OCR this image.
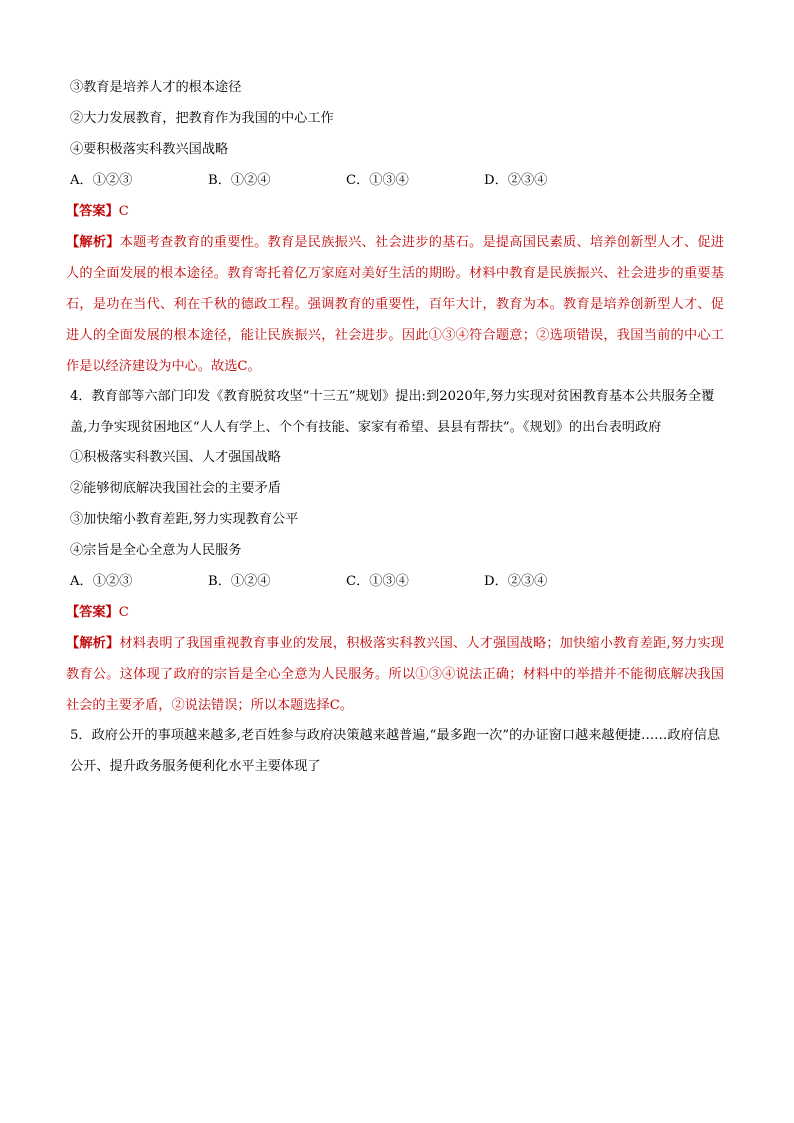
③教育是培养人才的根本途径
②大力发展教育，把教育作为我国的中心工作
④要积极落实科教兴国战略
A．①②③	B．①②④	C．①③④	D．②③④
【答案】C
【解析】本题考查教育的重要性。教育是民族振兴、社会进步的基石。是提高国民素质、培养创新型人才、促进人的全面发展的根本途径。教育寄托着亿万家庭对美好生活的期盼。材料中教育是民族振兴、社会进步的重要基石，是功在当代、利在千秋的德政工程。强调教育的重要性，百年大计，教育为本。教育是培养创新型人才、促进人的全面发展的根本途径，能让民族振兴，社会进步。因此①③④符合题意；②选项错误，我国当前的中心工作是以经济建设为中心。故选C。
4．教育部等六部门印发《教育脱贫攻坚“十三五”规划》提出:到2020年,努力实现对贫困教育基本公共服务全覆盖,力争实现贫困地区“人人有学上、个个有技能、家家有希望、县县有帮扶”。《规划》的出台表明政府
①积极落实科教兴国、人才强国战略
②能够彻底解决我国社会的主要矛盾
③加快缩小教育差距,努力实现教育公平
④宗旨是全心全意为人民服务
A．①②③	B．①②④	C．①③④	D．②③④
【答案】C
【解析】材料表明了我国重视教育事业的发展，积极落实科教兴国、人才强国战略；加快缩小教育差距,努力实现教育公。这体现了政府的宗旨是全心全意为人民服务。所以①③④说法正确；材料中的举措并不能彻底解决我国社会的主要矛盾，②说法错误；所以本题选择C。
5．政府公开的事项越来越多,老百姓参与政府决策越来越普遍,“最多跑一次”的办证窗口越来越便捷……政府信息公开、提升政务服务便利化水平主要体现了
